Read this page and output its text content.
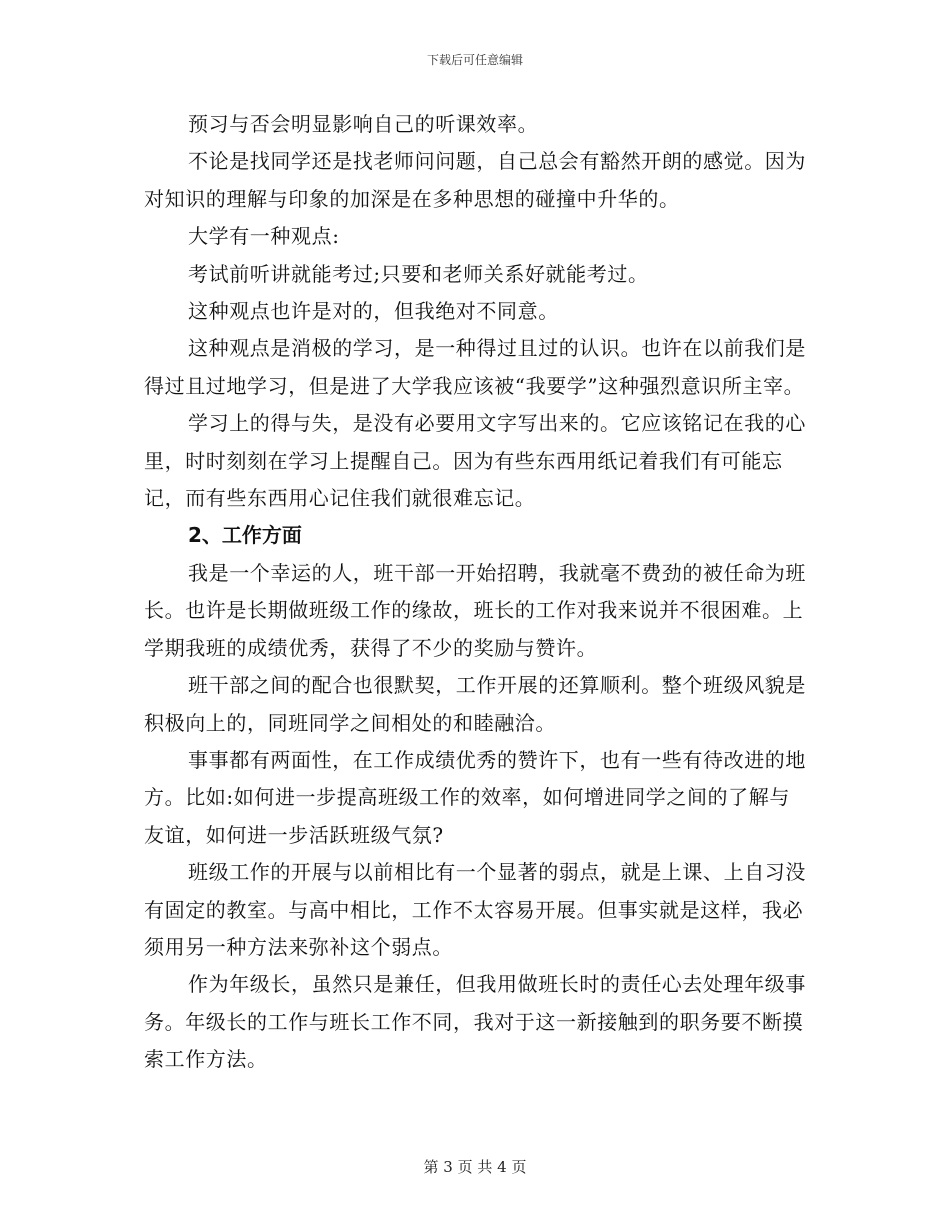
下载后可任意编辑

预习与否会明显影响自己的听课效率。

不论是找同学还是找老师问问题，自己总会有豁然开朗的感觉。因为对知识的理解与印象的加深是在多种思想的碰撞中升华的。

大学有一种观点:

考试前听讲就能考过;只要和老师关系好就能考过。

这种观点也许是对的，但我绝对不同意。

这种观点是消极的学习，是一种得过且过的认识。也许在以前我们是得过且过地学习，但是进了大学我应该被“我要学”这种强烈意识所主宰。

学习上的得与失，是没有必要用文字写出来的。它应该铭记在我的心里，时时刻刻在学习上提醒自己。因为有些东西用纸记着我们有可能忘记，而有些东西用心记住我们就很难忘记。

2、工作方面

我是一个幸运的人，班干部一开始招聘，我就毫不费劲的被任命为班长。也许是长期做班级工作的缘故，班长的工作对我来说并不很困难。上学期我班的成绩优秀，获得了不少的奖励与赞许。

班干部之间的配合也很默契，工作开展的还算顺利。整个班级风貌是积极向上的，同班同学之间相处的和睦融洽。

事事都有两面性，在工作成绩优秀的赞许下，也有一些有待改进的地方。比如:如何进一步提高班级工作的效率，如何增进同学之间的了解与友谊，如何进一步活跃班级气氛?

班级工作的开展与以前相比有一个显著的弱点，就是上课、上自习没有固定的教室。与高中相比，工作不太容易开展。但事实就是这样，我必须用另一种方法来弥补这个弱点。

作为年级长，虽然只是兼任，但我用做班长时的责任心去处理年级事务。年级长的工作与班长工作不同，我对于这一新接触到的职务要不断摸索工作方法。

第 3 页 共 4 页
